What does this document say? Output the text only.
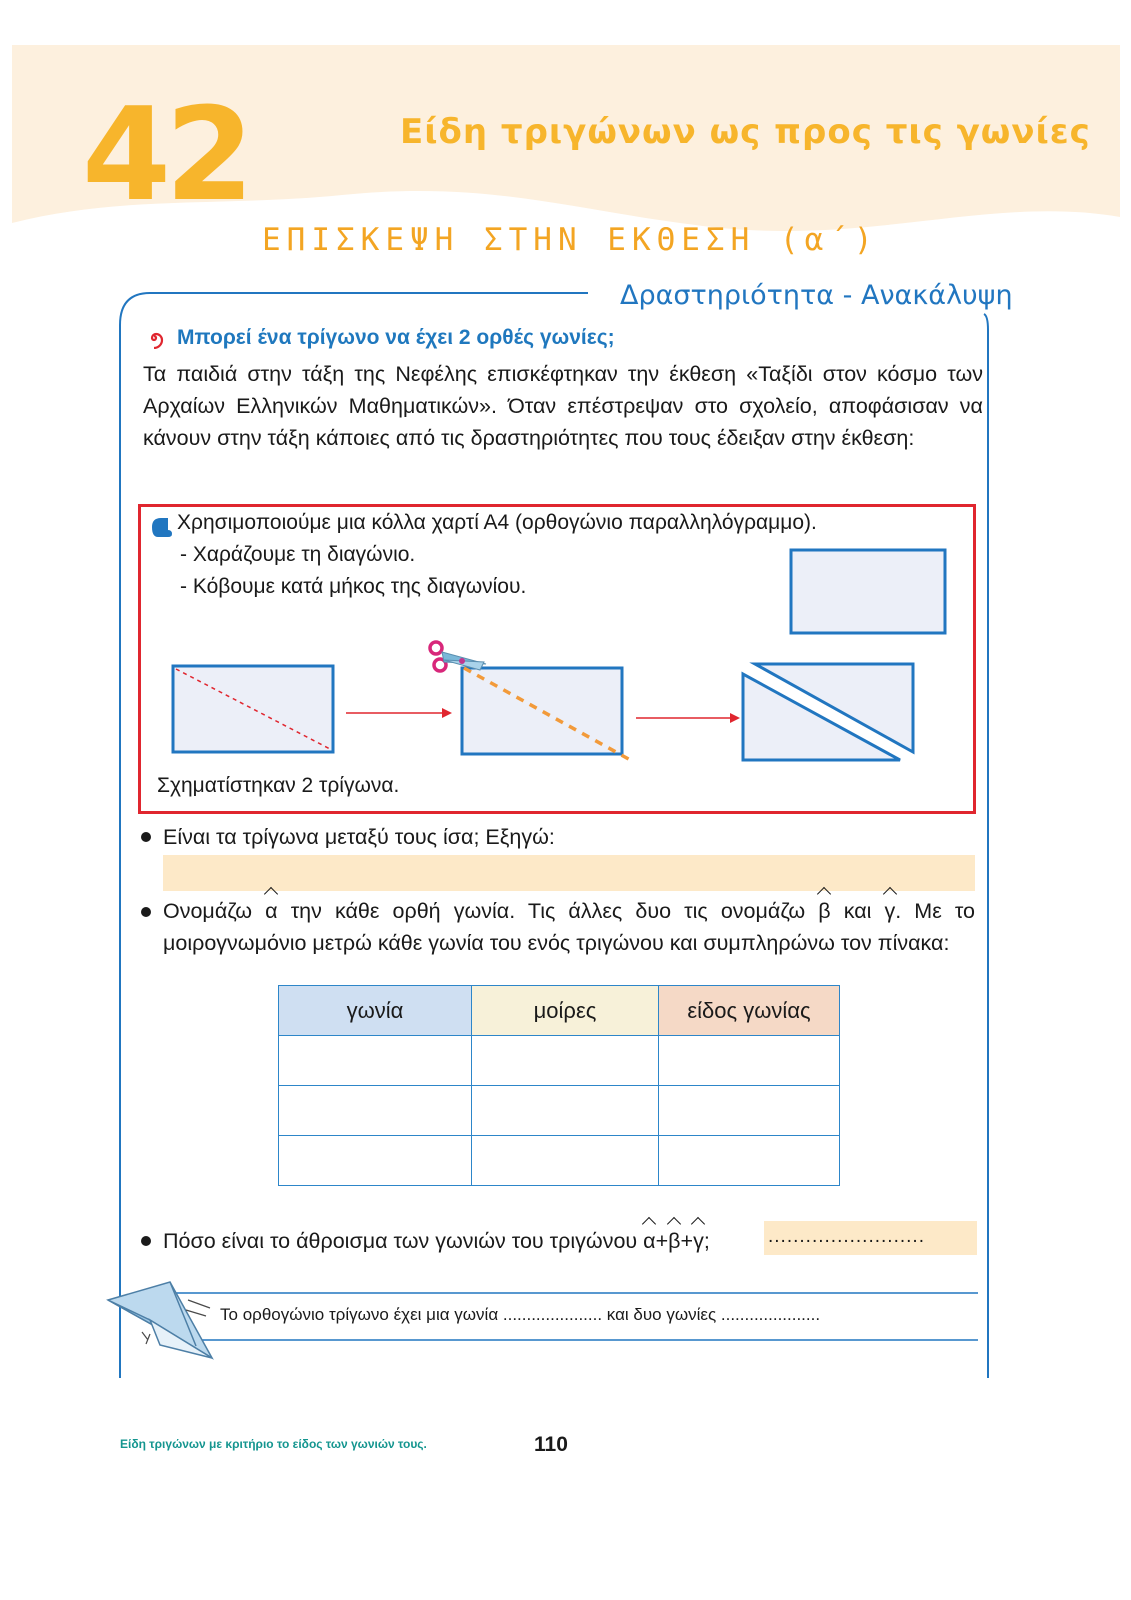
42	Είδη τριγώνων ως προς τις γωνίες
ΕΠΙΣΚΕΨΗ ΣΤΗΝ ΕΚΘΕΣΗ (α΄)
Δραστηριότητα - Ανακάλυψη
Μπορεί ένα τρίγωνο να έχει 2 ορθές γωνίες;
Τα παιδιά στην τάξη της Νεφέλης επισκέφτηκαν την έκθεση «Ταξίδι στον κόσμο των Αρχαίων Ελληνικών Μαθηματικών». Όταν επέστρεψαν στο σχολείο, αποφάσισαν να κάνουν στην τάξη κάποιες από τις δραστηριότητες που τους έδειξαν στην έκθεση:
Χρησιμοποιούμε μια κόλλα χαρτί Α4 (ορθογώνιο παραλληλόγραμμο).
- Χαράζουμε τη διαγώνιο.
- Κόβουμε κατά μήκος της διαγωνίου.
Σχηματίστηκαν 2 τρίγωνα.
Είναι τα τρίγωνα μεταξύ τους ίσα; Εξηγώ:
Ονομάζω α την κάθε ορθή γωνία. Τις άλλες δυο τις ονομάζω β και γ. Με το μοιρογνωμόνιο μετρώ κάθε γωνία του ενός τριγώνου και συμπληρώνω τον πίνακα:
γωνία	μοίρες	είδος γωνίας

Πόσο είναι το άθροισμα των γωνιών του τριγώνου α+β+γ;	.........................
Το ορθογώνιο τρίγωνο έχει μια γωνία ..................... και δυο γωνίες .....................
Είδη τριγώνων με κριτήριο το είδος των γωνιών τους.	110
